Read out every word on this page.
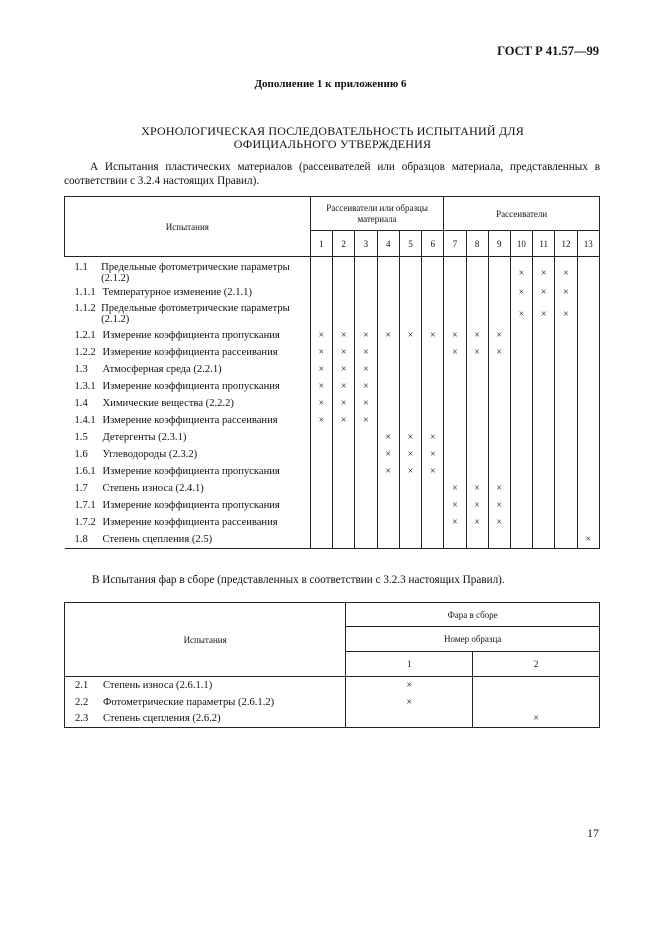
ГОСТ Р 41.57—99
Дополнение 1 к приложению 6
ХРОНОЛОГИЧЕСКАЯ ПОСЛЕДОВАТЕЛЬНОСТЬ ИСПЫТАНИЙ ДЛЯ ОФИЦИАЛЬНОГО УТВЕРЖДЕНИЯ
А Испытания пластических материалов (рассеивателей или образцов материала, представленных в соответствии с 3.2.4 настоящих Правил).
Испытания	Рассеиватели или образцы материала						Рассеиватели						
	1	2	3	4	5	6	7	8	9	10	11	12	13

1.1 Предельные фотометрические параметры (2.1.2)										×	×	×	

1.1.1 Температурное изменение (2.1.1)										×	×	×	

1.1.2 Предельные фотометрические параметры (2.1.2)										×	×	×	

1.2.1 Измерение коэффициента пропускания	×	×	×	×	×	×	×	×	×				

1.2.2 Измерение коэффициента рассеивания	×	×	×				×	×	×				

1.3 Атмосферная среда (2.2.1)	×	×	×										

1.3.1 Измерение коэффициента пропускания	×	×	×										

1.4 Химические вещества (2.2.2)	×	×	×										

1.4.1 Измерение коэффициента рассеивания	×	×	×										

1.5 Детергенты (2.3.1)				×	×	×							

1.6 Углеводороды (2.3.2)				×	×	×							

1.6.1 Измерение коэффициента пропускания				×	×	×							

1.7 Степень износа (2.4.1)							×	×	×				

1.7.1 Измерение коэффициента пропускания							×	×	×				

1.7.2 Измерение коэффициента рассеивания							×	×	×				

1.8 Степень сцепления (2.5)													×
В Испытания фар в сборе (представленных в соответствии с 3.2.3 настоящих Правил).
Испытания	Фара в сборе	
	Номер образца	
	1	2

2.1 Степень износа (2.6.1.1)	×	

2.2 Фотометрические параметры (2.6.1.2)	×	

2.3 Степень сцепления (2.6.2)		×
17
